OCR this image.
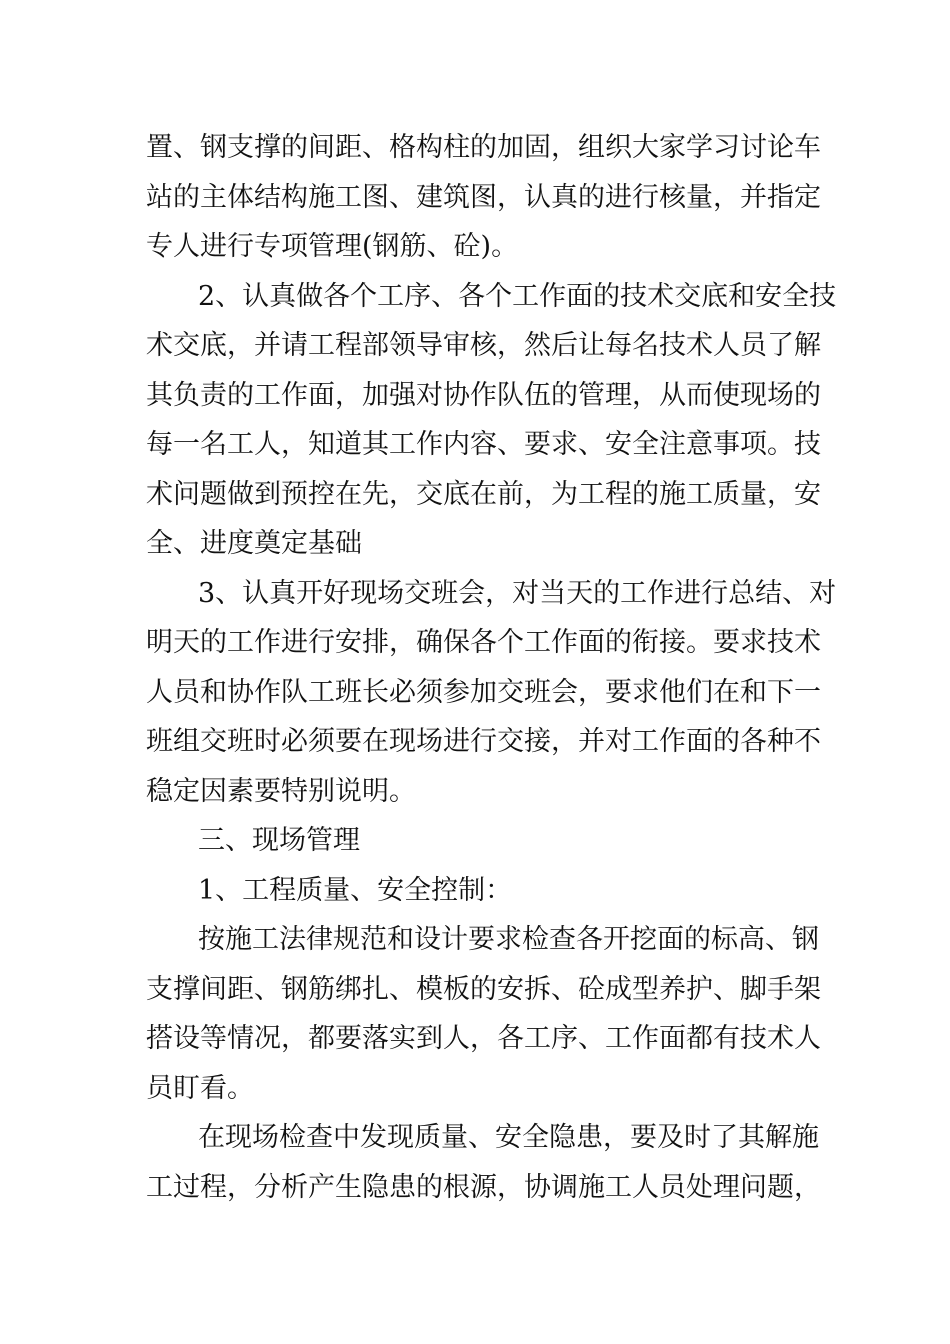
置、钢支撑的间距、格构柱的加固，组织大家学习讨论车
站的主体结构施工图、建筑图，认真的进行核量，并指定
专人进行专项管理(钢筋、砼)。
2、认真做各个工序、各个工作面的技术交底和安全技
术交底，并请工程部领导审核，然后让每名技术人员了解
其负责的工作面，加强对协作队伍的管理，从而使现场的
每一名工人，知道其工作内容、要求、安全注意事项。技
术问题做到预控在先，交底在前，为工程的施工质量，安
全、进度奠定基础
3、认真开好现场交班会，对当天的工作进行总结、对
明天的工作进行安排，确保各个工作面的衔接。要求技术
人员和协作队工班长必须参加交班会，要求他们在和下一
班组交班时必须要在现场进行交接，并对工作面的各种不
稳定因素要特别说明。
三、现场管理
1、工程质量、安全控制：
按施工法律规范和设计要求检查各开挖面的标高、钢
支撑间距、钢筋绑扎、模板的安拆、砼成型养护、脚手架
搭设等情况，都要落实到人，各工序、工作面都有技术人
员盯看。
在现场检查中发现质量、安全隐患，要及时了其解施
工过程，分析产生隐患的根源，协调施工人员处理问题，
